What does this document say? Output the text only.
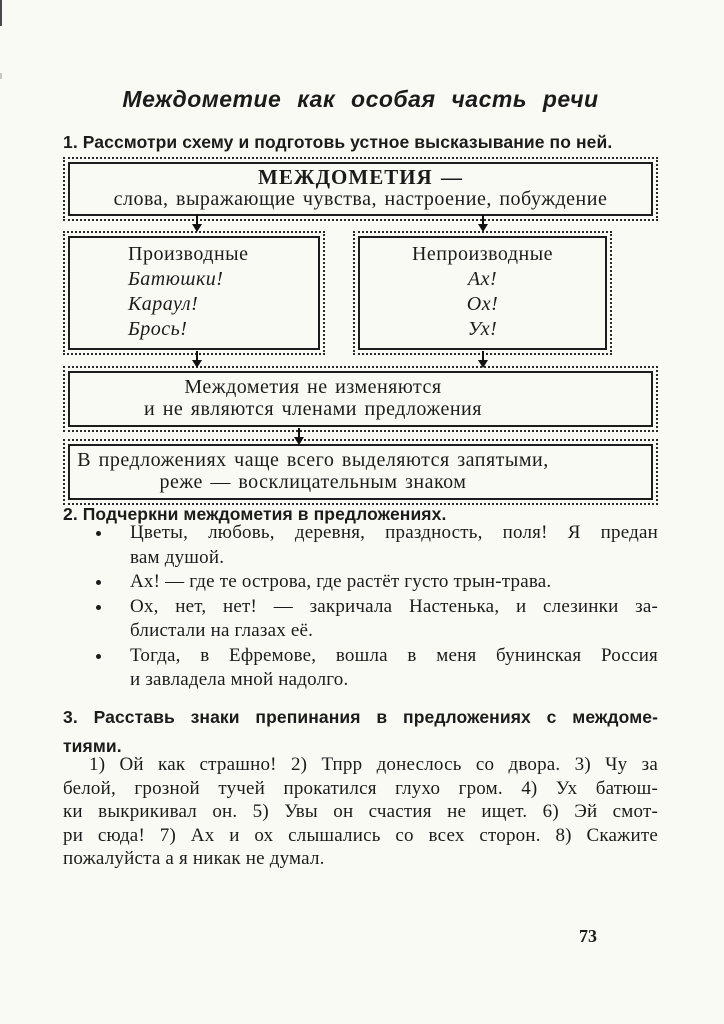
Междометие как особая часть речи
1. Рассмотри схему и подготовь устное высказывание по ней.
МЕЖДОМЕТИЯ —
слова, выражающие чувства, настроение, побуждение
Производные
Батюшки!
Караул!
Брось!
Непроизводные
Ах!
Ох!
Ух!
Междометия не изменяются
и не являются членами предложения
В предложениях чаще всего выделяются запятыми,
реже — восклицательным знаком
2. Подчеркни междометия в предложениях.
Цветы, любовь, деревня, праздность, поля! Я предан
вам душой.
Ах! — где те острова, где растёт густо трын-трава.
Ох, нет, нет! — закричала Настенька, и слезинки за-
блистали на глазах её.
Тогда, в Ефремове, вошла в меня бунинская Россия
и завладела мной надолго.
3. Расставь знаки препинания в предложениях с междоме-
тиями.
1) Ой как страшно! 2) Тпрр донеслось со двора. 3) Чу за
белой, грозной тучей прокатился глухо гром. 4) Ух батюш-
ки выкрикивал он. 5) Увы он счастия не ищет. 6) Эй смот-
ри сюда! 7) Ах и ох слышались со всех сторон. 8) Скажите
пожалуйста а я никак не думал.
73
